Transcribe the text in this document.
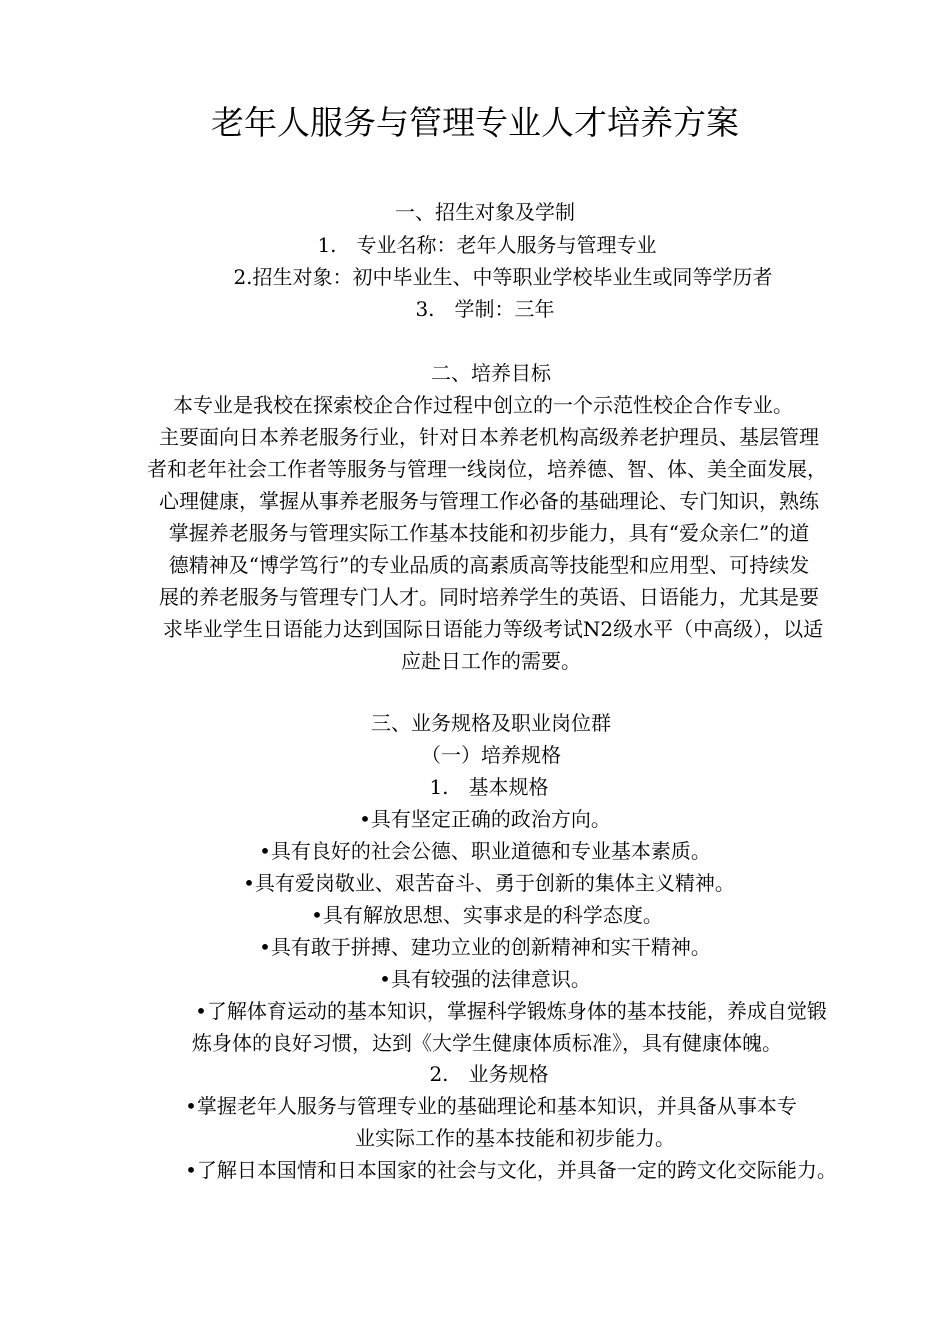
老年人服务与管理专业人才培养方案
一、招生对象及学制
1.　专业名称：老年人服务与管理专业
2.招生对象：初中毕业生、中等职业学校毕业生或同等学历者
3.　学制：三年
二、培养目标
本专业是我校在探索校企合作过程中创立的一个示范性校企合作专业。
主要面向日本养老服务行业，针对日本养老机构高级养老护理员、基层管理
者和老年社会工作者等服务与管理一线岗位，培养德、智、体、美全面发展，
心理健康，掌握从事养老服务与管理工作必备的基础理论、专门知识，熟练
掌握养老服务与管理实际工作基本技能和初步能力，具有“爱众亲仁”的道
德精神及“博学笃行”的专业品质的高素质高等技能型和应用型、可持续发
展的养老服务与管理专门人才。同时培养学生的英语、日语能力，尤其是要
求毕业学生日语能力达到国际日语能力等级考试N2级水平（中高级），以适
应赴日工作的需要。
三、业务规格及职业岗位群
（一）培养规格
1.　基本规格
•具有坚定正确的政治方向。
•具有良好的社会公德、职业道德和专业基本素质。
•具有爱岗敬业、艰苦奋斗、勇于创新的集体主义精神。
•具有解放思想、实事求是的科学态度。
•具有敢于拼搏、建功立业的创新精神和实干精神。
•具有较强的法律意识。
•了解体育运动的基本知识，掌握科学锻炼身体的基本技能，养成自觉锻
炼身体的良好习惯，达到《大学生健康体质标准》，具有健康体魄。
2.　业务规格
•掌握老年人服务与管理专业的基础理论和基本知识，并具备从事本专
业实际工作的基本技能和初步能力。
•了解日本国情和日本国家的社会与文化，并具备一定的跨文化交际能力。
